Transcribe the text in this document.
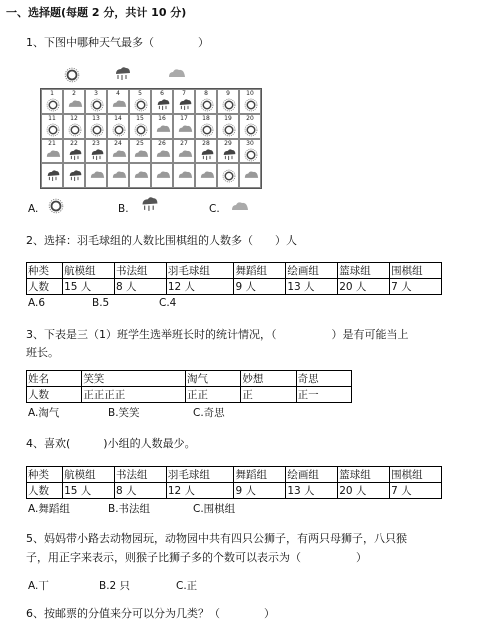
一、选择题(每题 2 分，共计 10 分)
1、下图中哪种天气最多（　　　　）
1	2	3	4	5	6	7	8	9	10
11	12	13	14	15	16	17	18	19	20
21	22	23	24	25	26	27	28	29	30
A.	B.	C.
2、选择：羽毛球组的人数比围棋组的人数多（　　）人
种类	航模组	书法组	羽毛球组	舞蹈组	绘画组	篮球组	围棋组
人数	15 人	8 人	12 人	9 人	13 人	20 人	7 人
A.6	B.5	C.4
3、下表是三（1）班学生选举班长时的统计情况，（　　　　　）是有可能当上
班长。
姓名	笑笑	淘气	妙想	奇思
人数	正正正正	正正	正	正一
A.淘气	B.笑笑	C.奇思
4、喜欢(　　　)小组的人数最少。
种类	航模组	书法组	羽毛球组	舞蹈组	绘画组	篮球组	围棋组
人数	15 人	8 人	12 人	9 人	13 人	20 人	7 人
A.舞蹈组	B.书法组	C.围棋组
5、妈妈带小路去动物园玩，动物园中共有四只公狮子，有两只母狮子，八只猴
子，用正字来表示，则猴子比狮子多的个数可以表示为（　　　　　）
A.丅	B.2 只	C.正
6、按邮票的分值来分可以分为几类？（　　　　）
